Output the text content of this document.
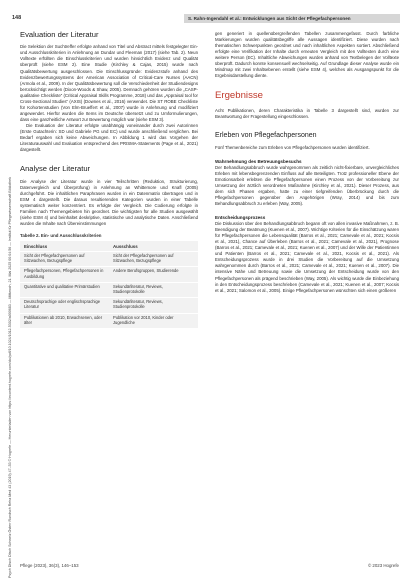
Psych Dtsch Dtsch Schweiz Österr Rundsch Reha Med 43 (2019) 47–53 © Hogrefe — Herunterladen von https://econtent.hogrefe.com/doi/pdf/10.1024/1012-5302/a000683 — Mittwoch, 21. Mai 2025 00:04:56 — Institut für Pflegewissenschaft Bibliothek
148	S. Rahn-Ingendahl et al.: Entwicklungen aus Sicht der Pflegefachpersonen
Evaluation der Literatur

Die Selektion der Suchtreffer erfolgte anhand von Titel und Abstract mittels festgelegter Ein- und Ausschlusskriterien in Anlehnung an Dundar und Fleeman (2017) (siehe Tab. 2). Neun Volltexte erfüllten die Einschlusskriterien und wurden hinsichtlich Evidenz und Qualität überprüft (siehe ESM 2). Eine Studie (Kirchley & Cajas, 2015) wurde nach Qualitätsbewertung ausgeschlossen. Die Einschlussgründe: Evidenzstufe anhand des Evidenzbewertungssystems der American Association of Critical-Care Nurses (AACN) (Armola et al., 2009). In der Qualitätsbewertung soll die Verschiedenheit der Studiendesigns berücksichtigt werden (Dixon-Woods & Shaw, 2005). Demnach gehören wurden die „CASP-qualitative Checkliste“ (Critical Appraisal Skills Programme, 2018) und das „Appraisal tool for Cross-Sectional Studies“ (AXIS) (Downes et al., 2016) verwendet. Die ST ROBE Checkliste für Kohortenstudien (Von Elm-Brueffert et al., 2007) wurde in Anlehnung und modifiziert angewendet. Hierfür wurden die Items im Deutsche übersetzt und zu Umformulierungen, dass eine ganzheitliche Antwort zur Bewertung möglich war (siehe ESM 3).

Die Evaluation der Literatur erfolgte unabhängig voneinander durch zwei Autorinnen (Erste Gutachterin: SD und Gabriele PG und EC) und wurde anschließend verglichen. Bei Bedarf ergaben sich keine Abweichungen. In Abbildung 1 wird das Vorgehen der Literaturauswahl und Evaluation entsprechend des PRISMA-Statements (Page et al., 2021) dargestellt.

Analyse der Literatur

Die Analyse der Literatur wurde in vier Teilschritten (Reduktion, Strukturierung, Datenvergleich und Überprüfung) in Anlehnung an Whittemore und Knafl (2005) durchgeführt. Die inhaltlichen Paraphrasen wurden in ein Datenmatrix übertragen und in ESM 4 dargestellt. Die daraus resultierenden Kategorien wurden in einer Tabelle systematisch weiter konzentriert. Es erfolgte der Vergleich. Die Codierung erfolgte in Familien nach Themengebieten hin geordnet. Die wichtigsten für alle Studien ausgewählt (siehe ESM 4) und beinhaltet deskriptive, statistische und analytische Daten. Anschließend wurden die Inhalte nach Übereinstimmungen

Tabelle 2. Ein- und Ausschlusskriterien
Einschluss	Ausschluss
Sicht der Pflegefachpersonen auf Sitzwachen, Bezugspflege	Sicht der Pflegefachpersonen auf Sitzwachen, Bezugspflege
Pflegefachpersonen, Pflegefachpersonen in Ausbildung	Andere Berufsgruppen, Studierende
Quantitative und qualitative Primärstudien	Sekundärliteratur, Reviews, Studienprotokolle
Deutschsprachige oder englischsprachige Literatur	Sekundärliteratur, Reviews, Studienprotokolle
Publikationen ab 2010, Erwachsenen, oder älter	Publikation vor 2010, Kinder oder Jugendliche

gen generiert in quellenübergreifenden Tabellen zusammengefasst. Durch farbliche Markierungen wurden qualitätsbegriffe alle Aussagen identifiziert. Diese wurden nach thematischen Schwerpunkten geordnet und nach inhaltlichen Aspekten sortiert. Abschließend erfolgte eine Verifikation der Inhalte durch erneuten Vergleich mit den Volltexten durch eine weitere Person (EC). Inhaltliche Abweichungen wurden anhand von Textbelegen der Volltexte überprüft. Dadurch konnte konsensuell wechselseitig. Auf Grundlage dieser Analyse wurde ein Mindmap mit zwei Inhaltsebenen erstellt (siehe ESM 4), welches als Ausgangspunkt für die Ergebnisdarstellung diente.

Ergebnisse

Acht Publikationen, deren Charakteristika in Tabelle 3 dargestellt sind, wurden zur Beantwortung der Fragestellung eingeschlossen.

Erleben von Pflegefachpersonen

Fünf Themenbereiche zum Erleben von Pflegefachpersonen wurden identifiziert.

Wahrnehmung des Betreuungsbesuchs

Der Behandlungsabbruch wurde wahrgenommen als zeitlich nicht-fixierbare, unvergleichliches Erleben mit lebensbegrenzenden Einfluss auf alle Beteiligten. Trotz professioneller Ebene der Emotionsarbeit erlebten die Pflegefachpersonen einen Prozess von der Vorbereitung zur Umsetzung der ärztlich verordneten Maßnahme (Kirchley et al., 2021). Dieser Prozess, aus dem sich Phasen ergaben, hatte zu einer tiefgreifenden Überbrückung durch die Pflegefachpersonen gegenüber den Angehörigen (Wray, 2014) und bis zum Behandlungsabbruch zu erleben (Way, 2005).

Entscheidungsprozess

Die Diskussion über den Behandlungsabbruch begann oft von allen invasive Maßnahmen, z. B. Beendigung der Beatmung (Kuenen et al., 2007). Wichtige Kriterien für die Einschätzung waren für Pflegefachpersonen die Lebensqualität (Barros et al., 2021; Camevale et al., 2021; Kocsis et al., 2021), Chance auf Überleben (Barros et al., 2021; Camevale et al., 2021), Prognose (Barros et al., 2021; Camevale et al., 2021; Kuenen et al., 2007) und der Wille der Patientinnen und Patienten (Barros et al., 2021; Camevale et al., 2021, Kocsis et al., 2021). Als Entscheidungsprozess wurde in drei Studien die Vorbereitung auf die Umsetzung wahrgenommen durch (Barros et al., 2021; Camevale et al., 2021; Kuenen et al., 2007). Die intensive Nähe und Betreuung sowie die Umsetzung der Entscheidung wurde von den Pflegefachpersonen als prägend beschrieben (Way, 2005). Als wichtig wurde die Einbeziehung in den Entscheidungsprozess beschrieben (Camevale et al., 2021; Kuenen et al., 2007; Kocsis et al., 2021; Salomon et al., 2005). Einige Pflegefachpersonen wünschten sich einen größeren

Pflege (2023), 36(3), 146–153	© 2023 Hogrefe
